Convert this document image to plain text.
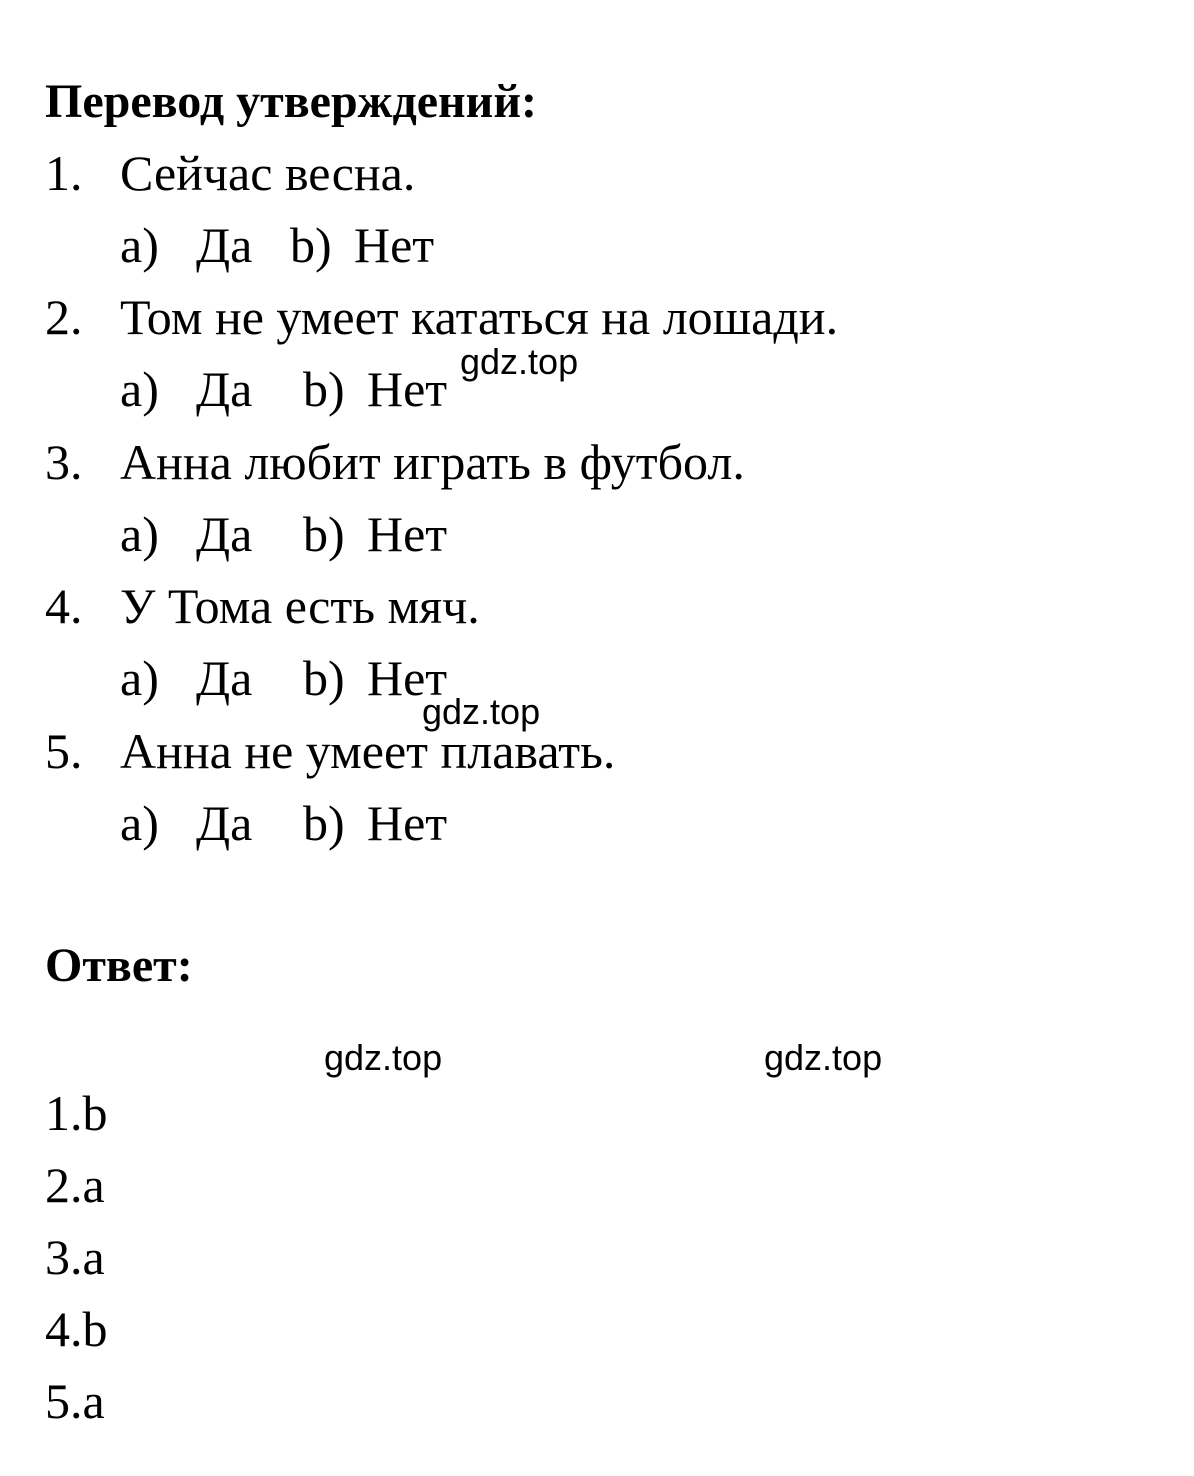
Перевод утверждений:
1. Сейчас весна.
a) Да b) Нет
2. Том не умеет кататься на лошади.
a) Да b) Нет
3. Анна любит играть в футбол.
a) Да b) Нет
4. У Тома есть мяч.
a) Да b) Нет
5. Анна не умеет плавать.
a) Да b) Нет
Ответ:
1.b
2.a
3.a
4.b
5.a
gdz.top
gdz.top
gdz.top	gdz.top
